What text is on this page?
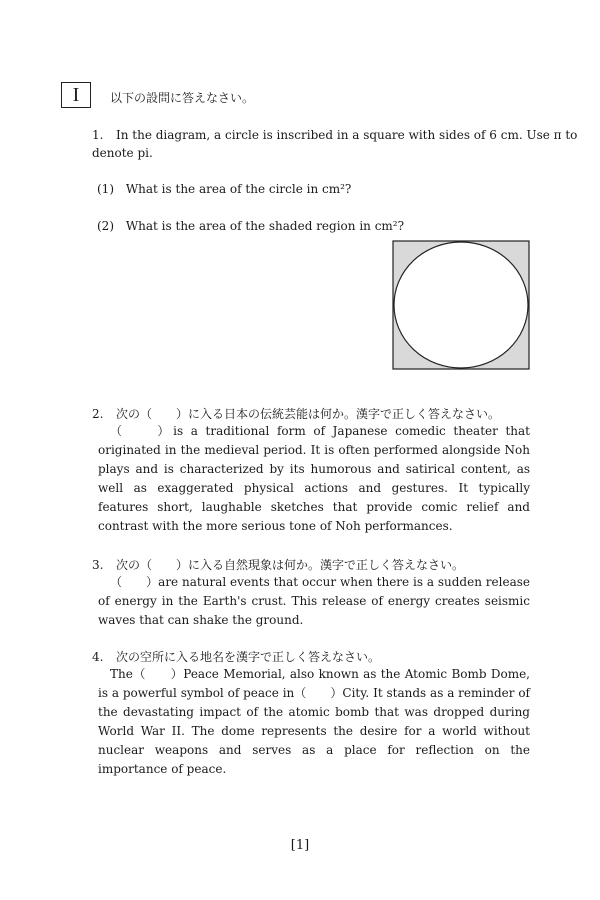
I	以下の設問に答えなさい。
1. In the diagram, a circle is inscribed in a square with sides of 6 cm. Use π to
denote pi.
(1) What is the area of the circle in cm²?
(2) What is the area of the shaded region in cm²?
2. 次の（　　）に入る日本の伝統芸能は何か。漢字で正しく答えなさい。

（　　）is a traditional form of Japanese comedic theater that originated in the medieval period. It is often performed alongside Noh plays and is characterized by its humorous and satirical content, as well as exaggerated physical actions and gestures. It typically features short, laughable sketches that provide comic relief and contrast with the more serious tone of Noh performances.

3. 次の（　　）に入る自然現象は何か。漢字で正しく答えなさい。

（　　）are natural events that occur when there is a sudden release of energy in the Earth's crust. This release of energy creates seismic waves that can shake the ground.

4. 次の空所に入る地名を漢字で正しく答えなさい。

The（　　）Peace Memorial, also known as the Atomic Bomb Dome, is a powerful symbol of peace in（　　）City. It stands as a reminder of the devastating impact of the atomic bomb that was dropped during World War II. The dome represents the desire for a world without nuclear weapons and serves as a place for reflection on the importance of peace.

[1]
